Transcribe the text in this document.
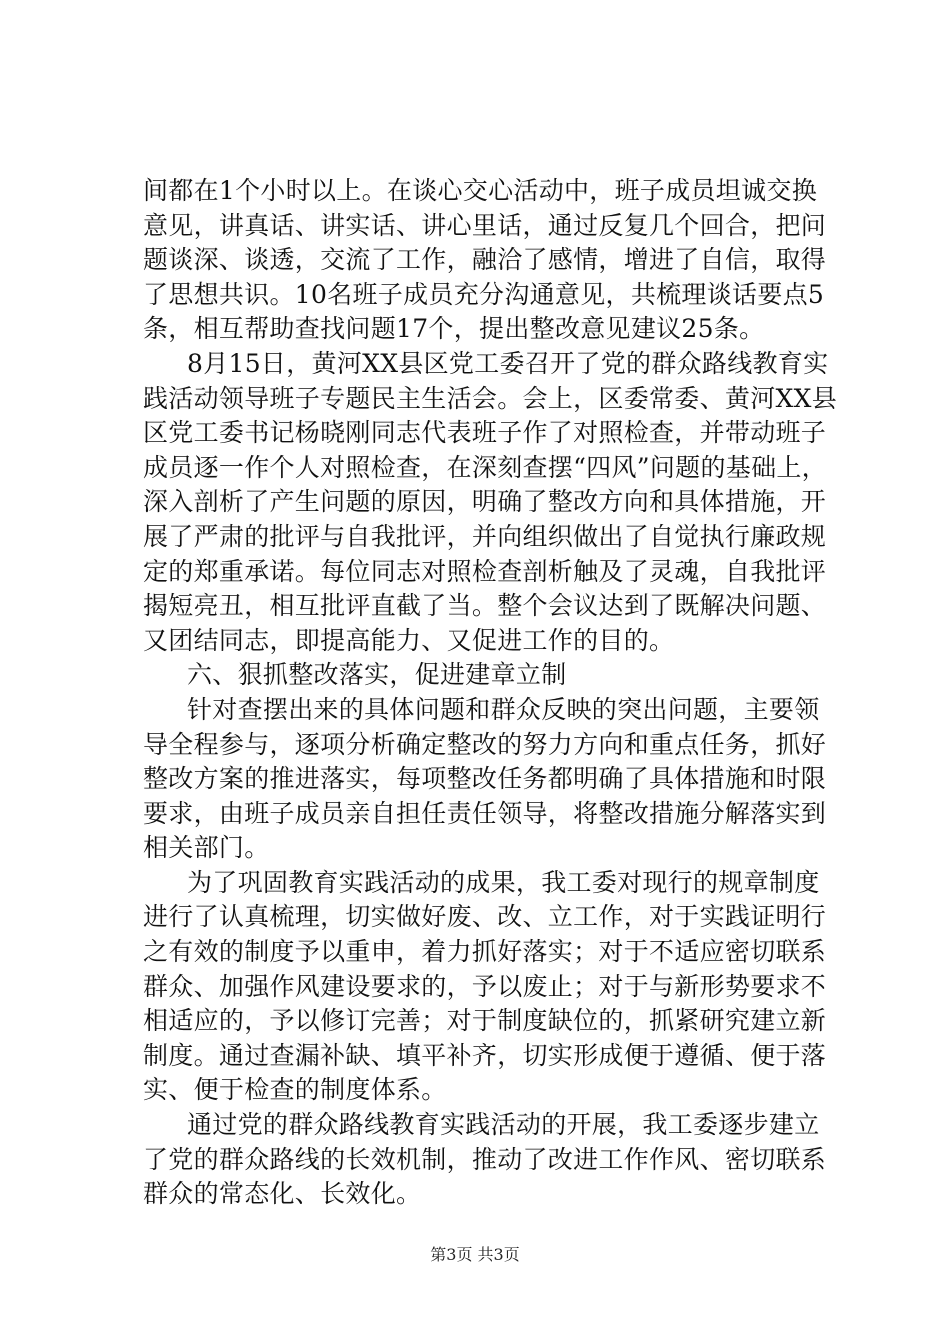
间都在1个小时以上。在谈心交心活动中，班子成员坦诚交换
意见，讲真话、讲实话、讲心里话，通过反复几个回合，把问
题谈深、谈透，交流了工作，融洽了感情，增进了自信，取得
了思想共识。10名班子成员充分沟通意见，共梳理谈话要点5
条，相互帮助查找问题17个，提出整改意见建议25条。
8月15日，黄河XX县区党工委召开了党的群众路线教育实
践活动领导班子专题民主生活会。会上，区委常委、黄河XX县
区党工委书记杨晓刚同志代表班子作了对照检查，并带动班子
成员逐一作个人对照检查，在深刻查摆“四风”问题的基础上，
深入剖析了产生问题的原因，明确了整改方向和具体措施，开
展了严肃的批评与自我批评，并向组织做出了自觉执行廉政规
定的郑重承诺。每位同志对照检查剖析触及了灵魂，自我批评
揭短亮丑，相互批评直截了当。整个会议达到了既解决问题、
又团结同志，即提高能力、又促进工作的目的。
六、狠抓整改落实，促进建章立制
针对查摆出来的具体问题和群众反映的突出问题，主要领
导全程参与，逐项分析确定整改的努力方向和重点任务，抓好
整改方案的推进落实，每项整改任务都明确了具体措施和时限
要求，由班子成员亲自担任责任领导，将整改措施分解落实到
相关部门。
为了巩固教育实践活动的成果，我工委对现行的规章制度
进行了认真梳理，切实做好废、改、立工作，对于实践证明行
之有效的制度予以重申，着力抓好落实；对于不适应密切联系
群众、加强作风建设要求的，予以废止；对于与新形势要求不
相适应的，予以修订完善；对于制度缺位的，抓紧研究建立新
制度。通过查漏补缺、填平补齐，切实形成便于遵循、便于落
实、便于检查的制度体系。
通过党的群众路线教育实践活动的开展，我工委逐步建立
了党的群众路线的长效机制，推动了改进工作作风、密切联系
群众的常态化、长效化。
第3页 共3页
